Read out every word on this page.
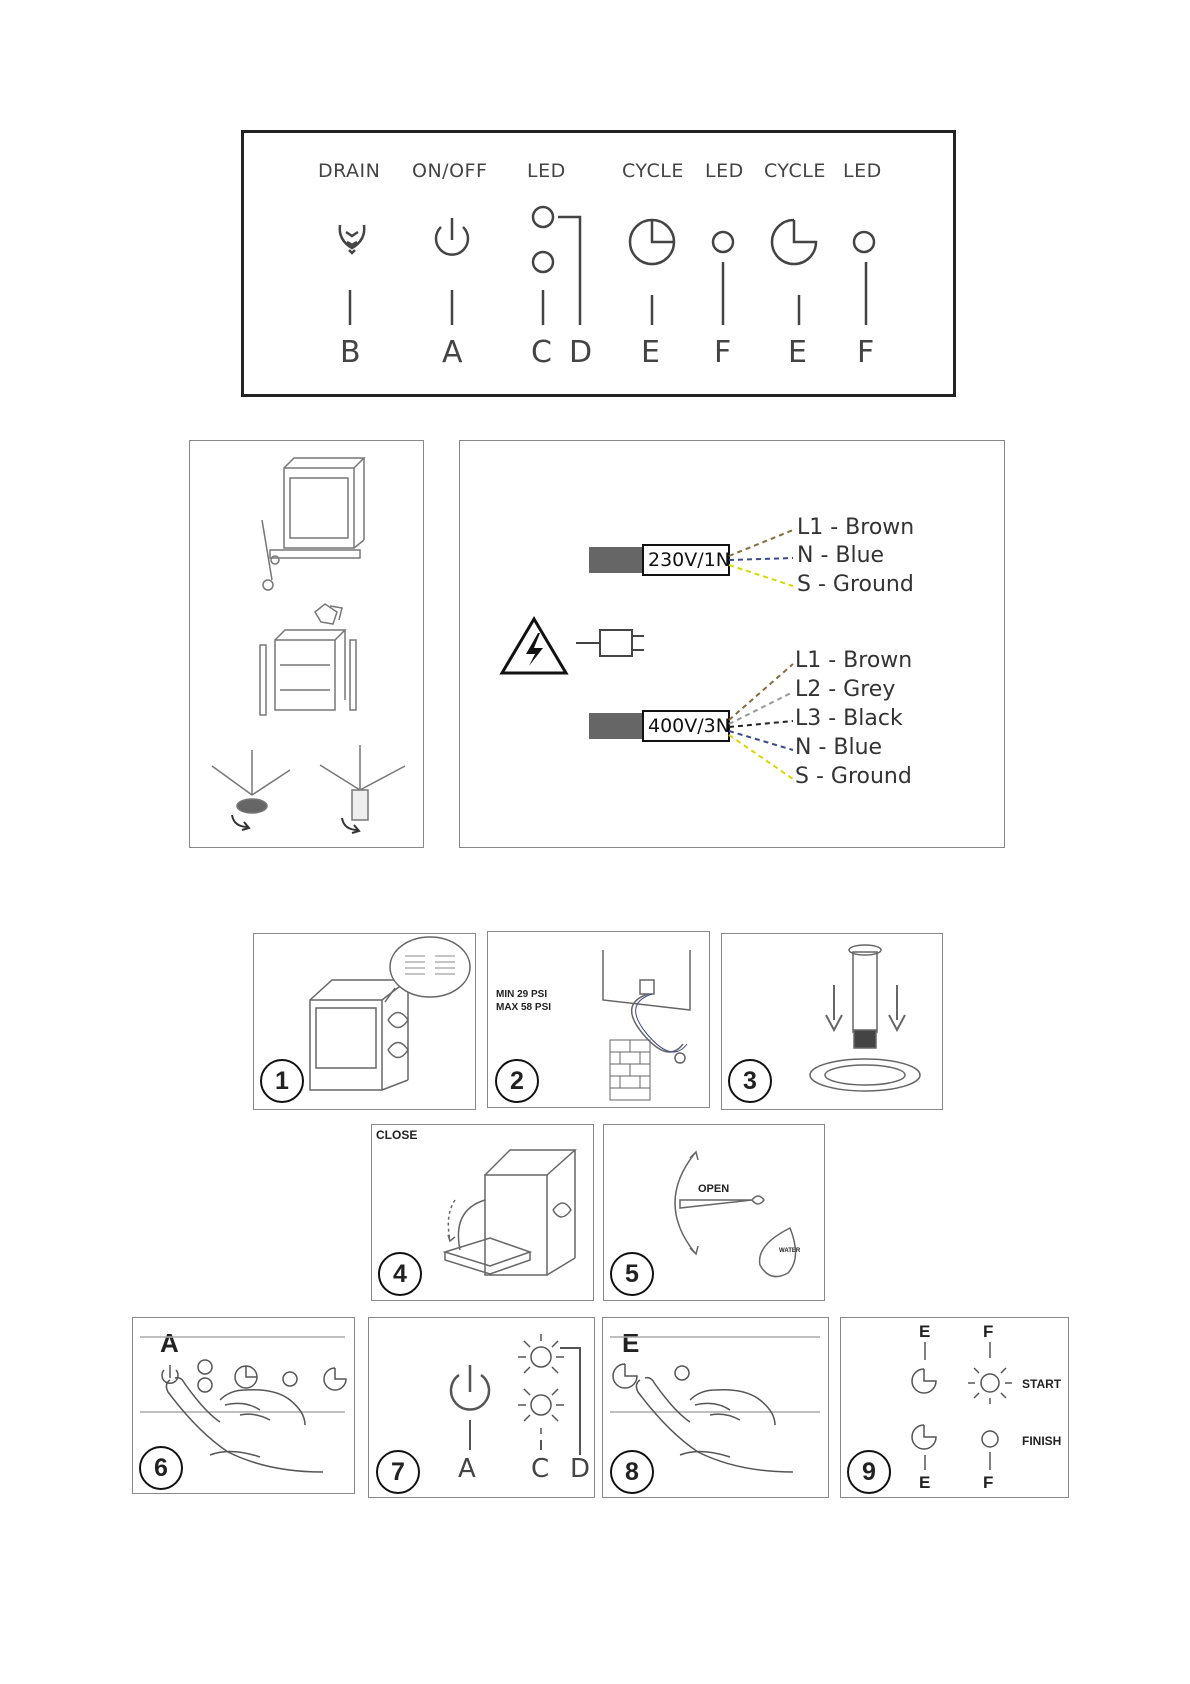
DRAIN ON/OFF LED	CYCLE LED CYCLE LED
B	A C D E F E F
230V/1N
400V/3N
L1 - Brown
N - Blue
S - Ground
L1 - Brown
L2 - Grey
L3 - Black
N - Blue
S - Ground
MIN 29 PSI
MAX 58 PSI
1	2	3
CLOSE
OPEN
WATER
4	5
A	E
A C D
E	F
E	F
START
FINISH
6	7	8	9
